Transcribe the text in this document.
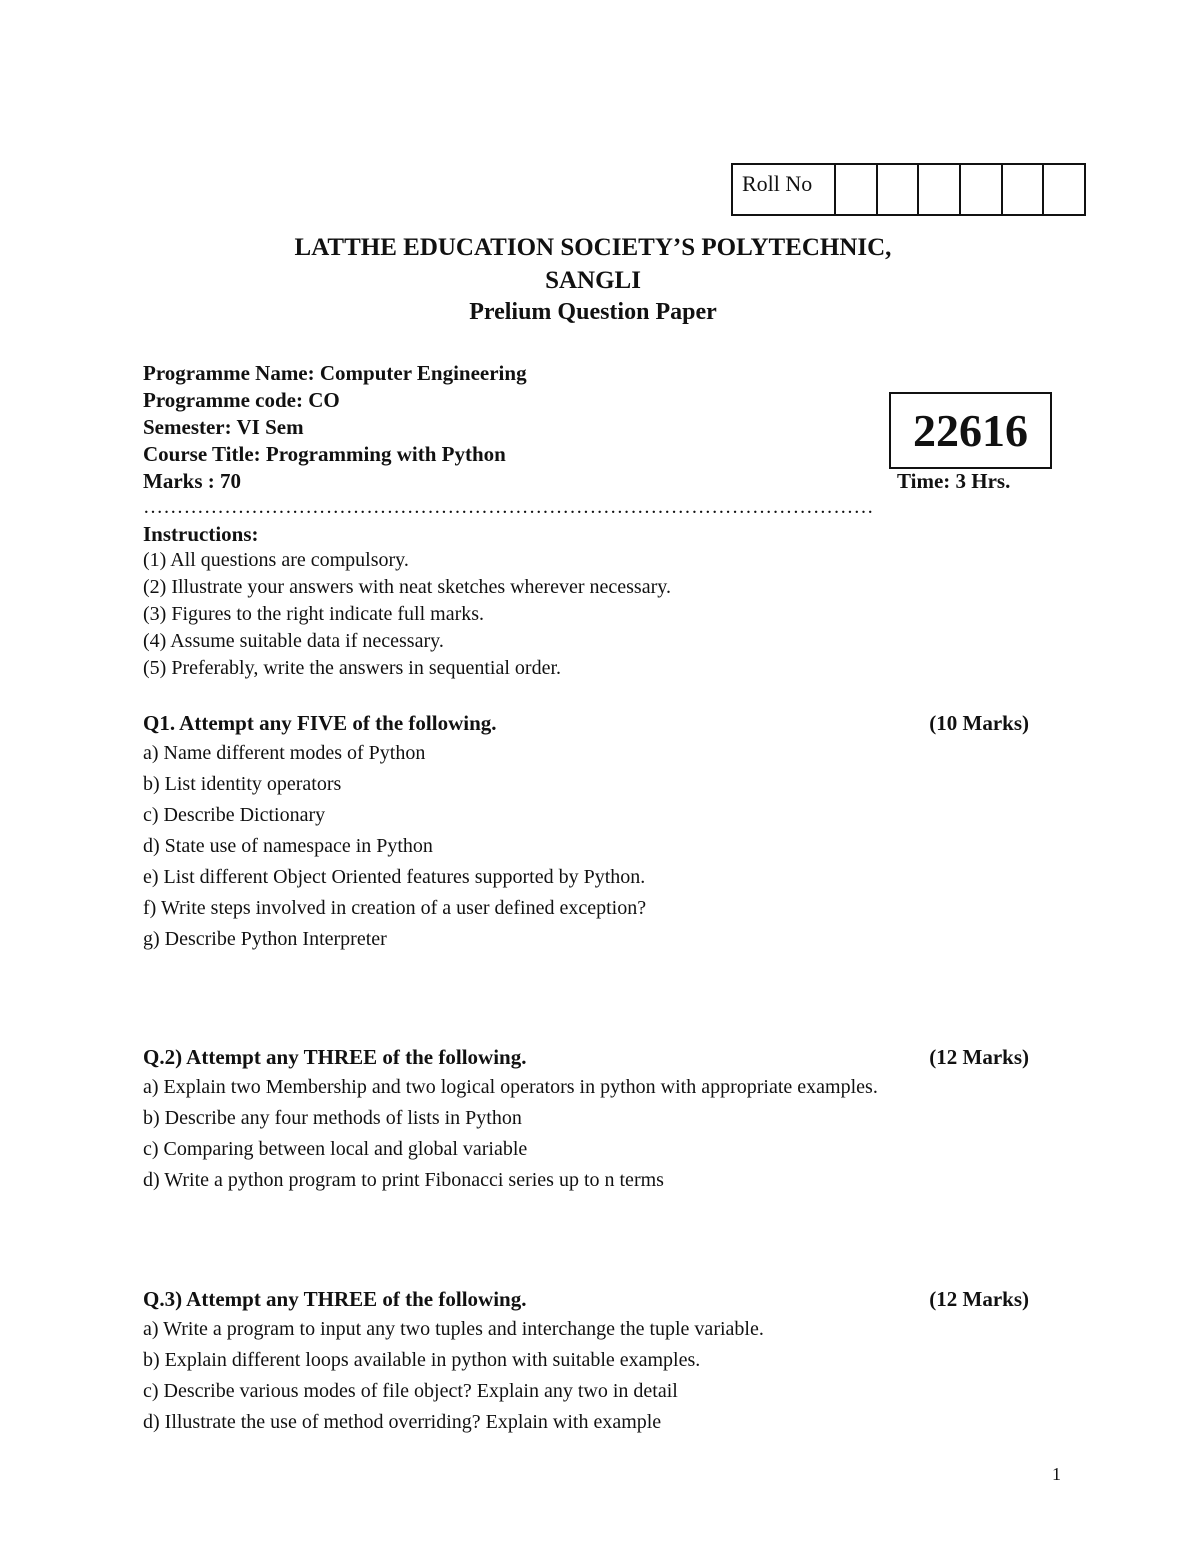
Roll No
LATTHE EDUCATION SOCIETY’S POLYTECHNIC,
SANGLI
Prelium Question Paper
Programme Name: Computer Engineering
Programme code: CO
Semester: VI Sem
Course Title: Programming with Python
Marks : 70
22616
Time: 3 Hrs.
………………………………………………………………………………………………
Instructions:
(1) All questions are compulsory.
(2) Illustrate your answers with neat sketches wherever necessary.
(3) Figures to the right indicate full marks.
(4) Assume suitable data if necessary.
(5) Preferably, write the answers in sequential order.
Q1. Attempt any FIVE of the following.	(10 Marks)
a) Name different modes of Python
b) List identity operators
c) Describe Dictionary
d) State use of namespace in Python
e) List different Object Oriented features supported by Python.
f) Write steps involved in creation of a user defined exception?
g) Describe Python Interpreter
Q.2) Attempt any THREE of the following.	(12 Marks)
a) Explain two Membership and two logical operators in python with appropriate examples.
b) Describe any four methods of lists in Python
c) Comparing between local and global variable
d) Write a python program to print Fibonacci series up to n terms
Q.3) Attempt any THREE of the following.	(12 Marks)
a) Write a program to input any two tuples and interchange the tuple variable.
b) Explain different loops available in python with suitable examples.
c) Describe various modes of file object? Explain any two in detail
d) Illustrate the use of method overriding? Explain with example
1
